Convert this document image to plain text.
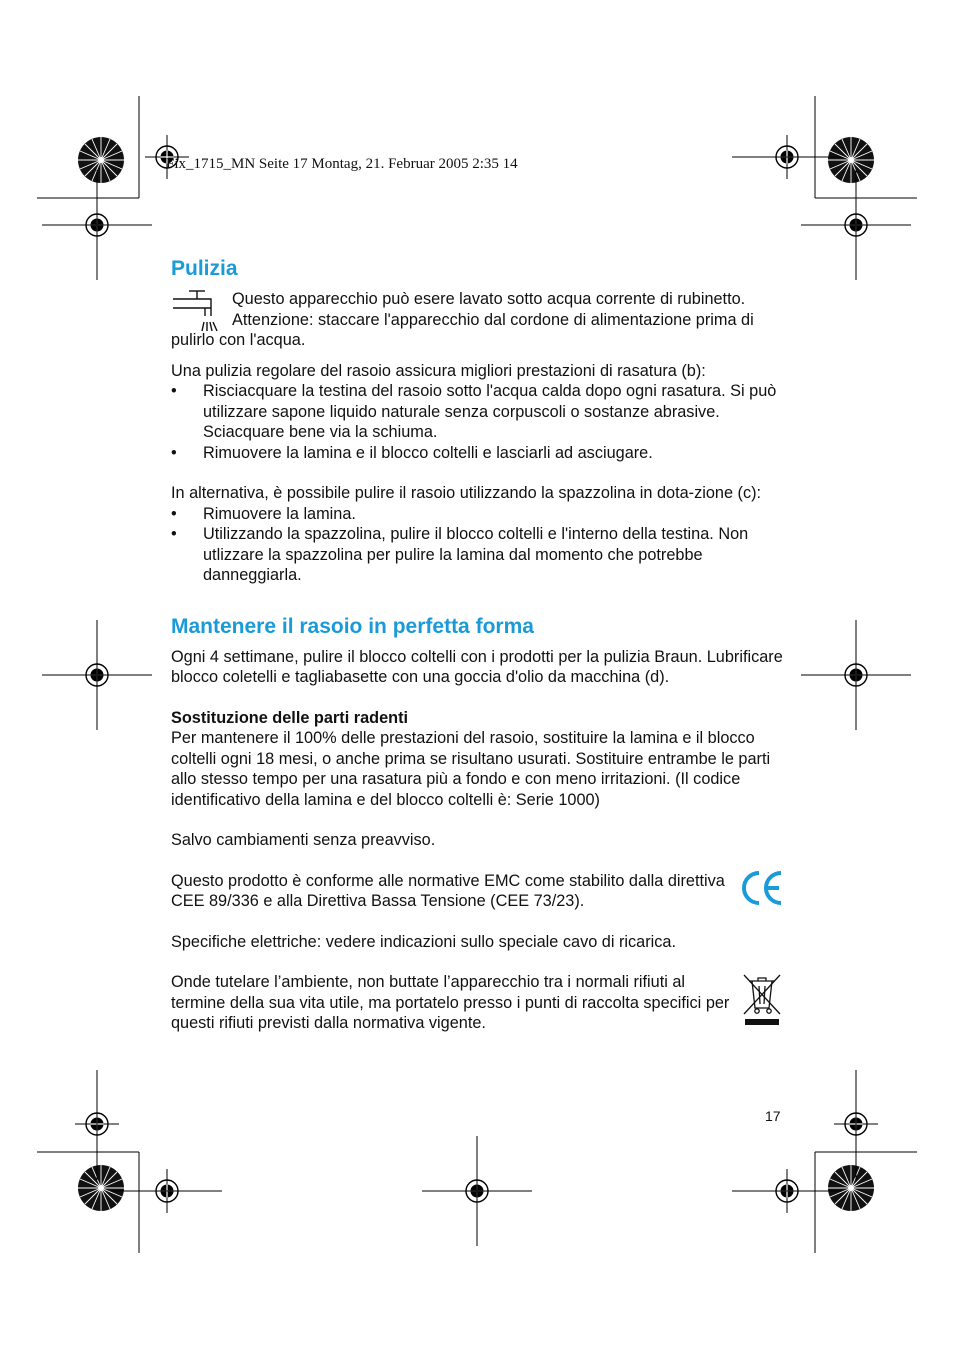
Fix_1715_MN Seite 17 Montag, 21. Februar 2005 2:35 14
Pulizia

Questo apparecchio può esere lavato sotto acqua corrente di rubinetto.

Attenzione: staccare l'apparecchio dal cordone di alimentazione prima di pulirlo con l'acqua.

Una pulizia regolare del rasoio assicura migliori prestazioni di rasatura (b):

• Risciacquare la testina del rasoio sotto l'acqua calda dopo ogni rasatura. Si può utilizzare sapone liquido naturale senza corpuscoli o sostanze abrasive. Sciacquare bene via la schiuma.
• Rimuovere la lamina e il blocco coltelli e lasciarli ad asciugare.

In alternativa, è possibile pulire il rasoio utilizzando la spazzolina in dota-zione (c):

• Rimuovere la lamina.
• Utilizzando la spazzolina, pulire il blocco coltelli e l'interno della testina. Non utlizzare la spazzolina per pulire la lamina dal momento che potrebbe danneggiarla.
Mantenere il rasoio in perfetta forma

Ogni 4 settimane, pulire il blocco coltelli con i prodotti per la pulizia Braun. Lubrificare blocco coletelli e tagliabasette con una goccia d'olio da macchina (d).

Sostituzione delle parti radenti

Per mantenere il 100% delle prestazioni del rasoio, sostituire la lamina e il blocco coltelli ogni 18 mesi, o anche prima se risultano usurati. Sostituire entrambe le parti allo stesso tempo per una rasatura più a fondo e con meno irritazioni. (Il codice identificativo della lamina e del blocco coltelli è: Serie 1000)

Salvo cambiamenti senza preavviso.

Questo prodotto è conforme alle normative EMC come stabilito dalla direttiva CEE 89/336 e alla Direttiva Bassa Tensione (CEE 73/23).

Specifiche elettriche: vedere indicazioni sullo speciale cavo di ricarica.

Onde tutelare l’ambiente, non buttate l’apparecchio tra i normali rifiuti al termine della sua vita utile, ma portatelo presso i punti di raccolta specifici per questi rifiuti previsti dalla normativa vigente.

17
